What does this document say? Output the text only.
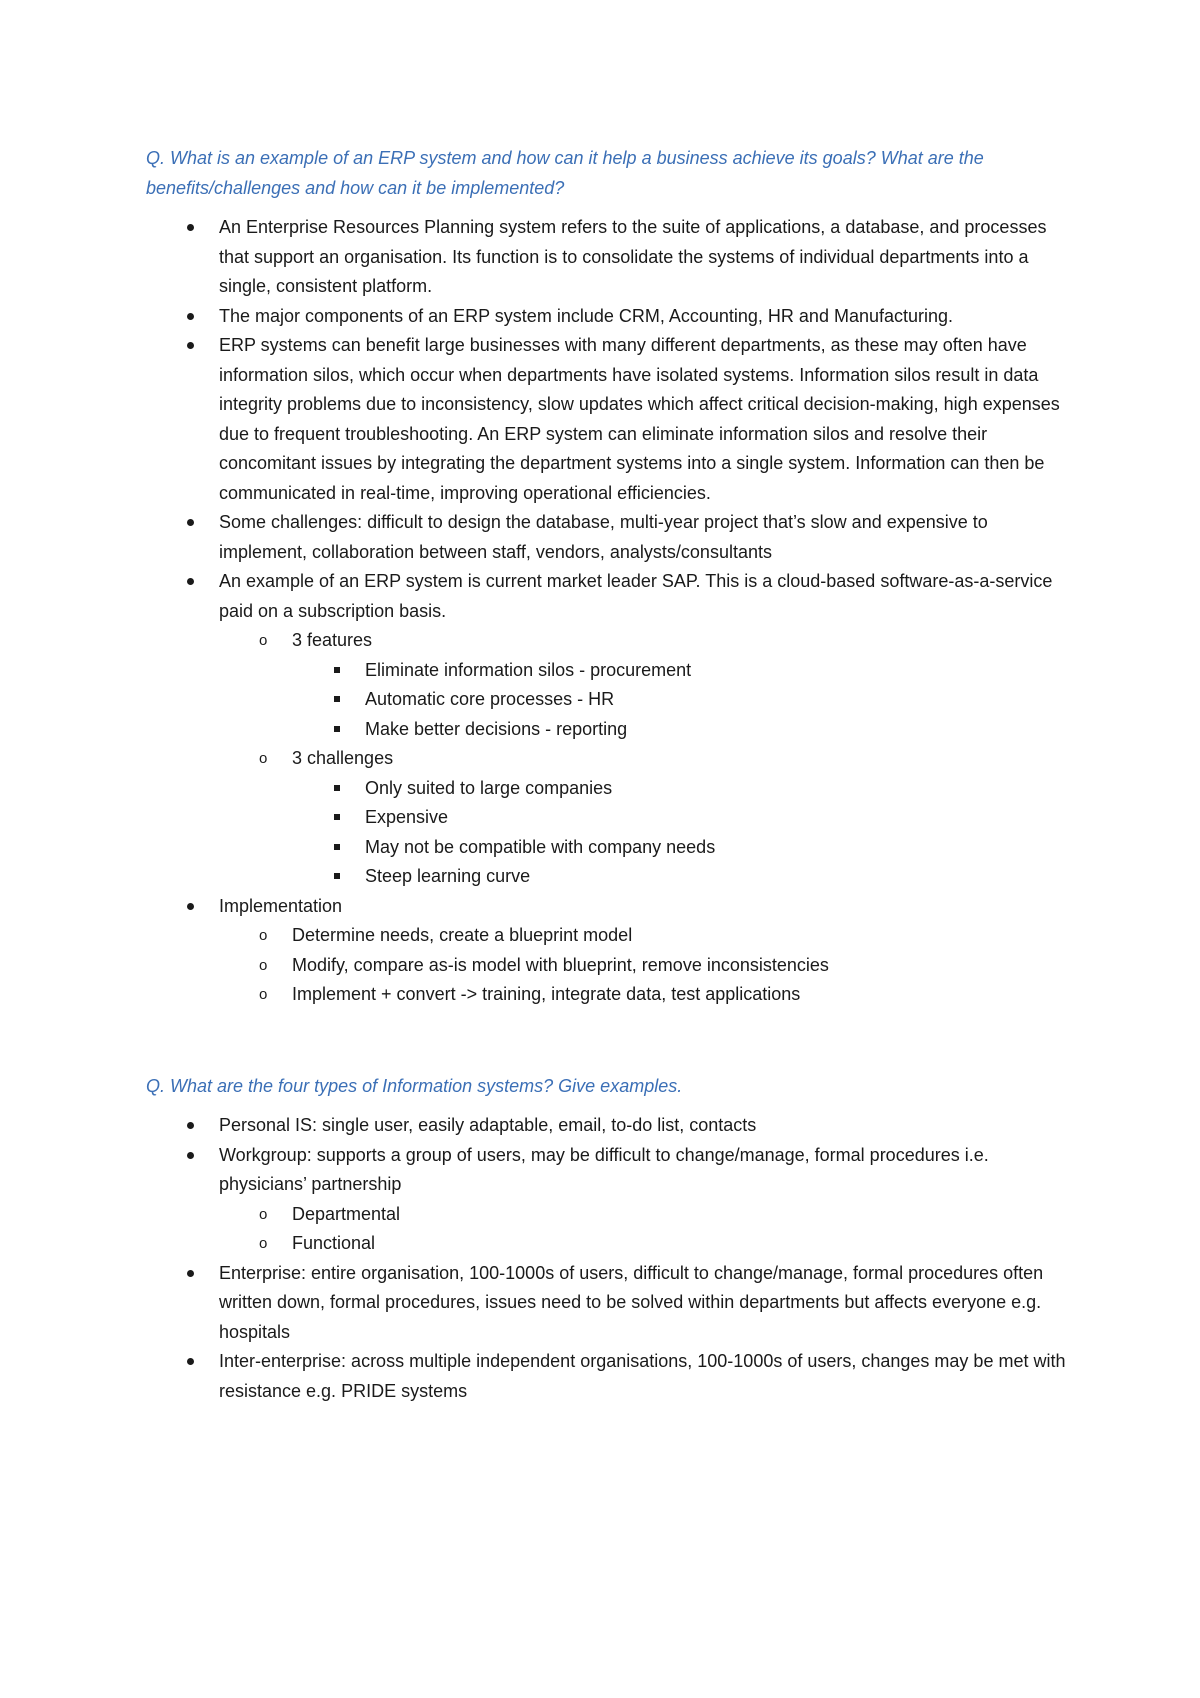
Q. What is an example of an ERP system and how can it help a business achieve its goals? What are the benefits/challenges and how can it be implemented?

An Enterprise Resources Planning system refers to the suite of applications, a database, and processes that support an organisation. Its function is to consolidate the systems of individual departments into a single, consistent platform.
The major components of an ERP system include CRM, Accounting, HR and Manufacturing.
ERP systems can benefit large businesses with many different departments, as these may often have information silos, which occur when departments have isolated systems. Information silos result in data integrity problems due to inconsistency, slow updates which affect critical decision-making, high expenses due to frequent troubleshooting. An ERP system can eliminate information silos and resolve their concomitant issues by integrating the department systems into a single system. Information can then be communicated in real-time, improving operational efficiencies.
Some challenges: difficult to design the database, multi-year project that’s slow and expensive to implement, collaboration between staff, vendors, analysts/consultants
An example of an ERP system is current market leader SAP. This is a cloud-based software-as-a-service paid on a subscription basis.
o 3 features
Eliminate information silos - procurement
Automatic core processes - HR
Make better decisions - reporting
o 3 challenges
Only suited to large companies
Expensive
May not be compatible with company needs
Steep learning curve
Implementation
o Determine needs, create a blueprint model
o Modify, compare as-is model with blueprint, remove inconsistencies
o Implement + convert -> training, integrate data, test applications

Q. What are the four types of Information systems? Give examples.

Personal IS: single user, easily adaptable, email, to-do list, contacts
Workgroup: supports a group of users, may be difficult to change/manage, formal procedures i.e. physicians’ partnership
o Departmental
o Functional
Enterprise: entire organisation, 100-1000s of users, difficult to change/manage, formal procedures often written down, formal procedures, issues need to be solved within departments but affects everyone e.g. hospitals
Inter-enterprise: across multiple independent organisations, 100-1000s of users, changes may be met with resistance e.g. PRIDE systems
